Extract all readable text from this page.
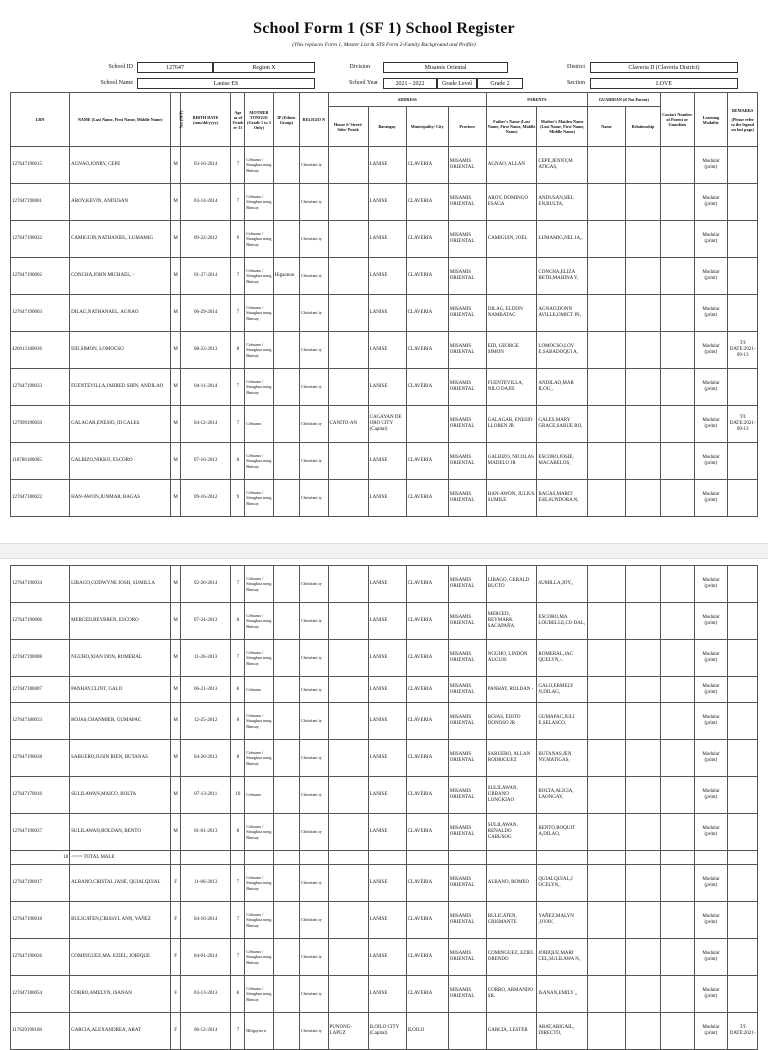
School Form 1 (SF 1) School Register
(This replaces Form 1, Master List & STS Form 2-Family Background and Profile)
School ID	127647	Region X	Division	Misamis Oriental	District	Claveria II (Claveria District)
School Name	Lanise ES	School Year	2021 - 2022	Grade Level	Grade 2	Section	LOVE
LRN	NAME (Last Name, First Name, Middle Name)	Sex (M/F)	BIRTH DATE (mm/dd/yyyy)	Age as of Octob er 31	MOTHER TONGUE (Grade 1 to 3 Only)	IP (Ethnic Group)	RELIGIO N	ADDRESS				PARENTS		GUARDIAN (if Not Parent)		Contact Number of Parent or Guardian	Learning Modality	REMARKS
(Please refer to the legend on last page)

								House #/ Street/ Sitio/ Purok	Barangay	Municipality/ City	Province	Father's Name (Last Name, First Name, Middle Name)	Mother's Maiden Name (Last Name, First Name, Middle Name)	Name	Relationship			
127647190015	AGNAO,JONRY, CEPE	M	03-16-2014	7	Cebuano / Sinugbua nong Binisay		Christiani ty		LANISE	CLAVERIA	MISAMIS ORIENTAL	AGNAO, ALLAN	CEPE,JENNY,M ATIGAS,				Modular (print)	
127647190001	AROY,KEVIN, ANDUSAN	M	03-14-2014	7	Cebuano / Sinugbua nong Binisay		Christiani ty		LANISE	CLAVERIA	MISAMIS ORIENTAL	AROY, DOMINGO ESAGA	ANDUSAN,HEL EN,BULTA,				Modular (print)	
127647190032	CAMIGUIN,NATHANIEL, LUMAMIG	M	09-22-2012	9	Cebuano / Sinugbua nong Binisay		Christiani ty		LANISE	CLAVERIA	MISAMIS ORIENTAL	CAMIGUIN, JOEL	LUMAMIG,NEL IA,,				Modular (print)	
127647190002	CONCHA,JOHN MICHAEL, -	M	01-27-2014	7	Cebuano / Sinugbua nong Binisay	Higaonon	Christiani ty		LANISE	CLAVERIA	MISAMIS ORIENTAL		CONCHA,ELIZA BETH,MAHINA Y,				Modular (print)	
127647190003	DILAG,NATHANAEL, AGNAO	M	06-29-2014	7	Cebuano / Sinugbua nong Binisay		Christiani ty		LANISE	CLAVERIA	MISAMIS ORIENTAL	DILAG, ELDON NAMBATAC	AGNAO,DONN AVILLE,OMICT IN,				Modular (print)	
426013180036	EID,SIMON, LOMOCSO	M	08-22-2013	8	Cebuano / Sinugbua nong Binisay		Christiani ty		LANISE	CLAVERIA	MISAMIS ORIENTAL	EID, GEORGE SIMON	LOMOCSO,LOV E,SABADOQUI A,				Modular (print)	T/I DATE:2021-09-13
127647190033	FUENTEVILLA,JARRED SHIN, ANDILAO	M	04-11-2014	7	Cebuano / Sinugbua nong Binisay		Christiani ty		LANISE	CLAVERIA	MISAMIS ORIENTAL	FUENTEVILLA, NILO DAJIS	ANDILAO,MAR ILOU,,				Modular (print)	
127999190050	GALAGAR,ENESIO, III GALES	M	04-12-2014	7	Cebuano		Christiani ty	CANITO-AN	CAGAYAN DE ORO CITY (Capital)		MISAMIS ORIENTAL	GALAGAR, ENESIO LLOREN JR	GALES,MARY GRACE,SABUE RO,				Modular (print)	T/I DATE:2021-09-13
118786180065	GALBIZO,NIKKO, ESCORO	M	07-16-2013	8	Cebuano / Sinugbua nong Binisay		Christiani ty		LANISE	CLAVERIA	MISAMIS ORIENTAL	GALBIZO, NICOLAS MADELO JR	ESCORO,JOSIE, MACABELOS,				Modular (print)	
127647180022	HAN-AWON,JUNMAR, BAGAS	M	09-16-2012	9	Cebuano / Sinugbua nong Binisay		Christiani ty		LANISE	CLAVERIA	MISAMIS ORIENTAL	HAN-AWON, JULIUS SUMILE	BAGAS,MARIT ESE,SUNDORA N,				Modular (print)	
127647190034	LIBAGO,GODWYNE JOSH, SUMILLA	M	02-20-2014	7	Cebuano / Sinugbua nong Binisay		Christiani ty		LANISE	CLAVERIA	MISAMIS ORIENTAL	LIBAGO, GERALD BUCTO	SUMILLA,JOY,,				Modular (print)	
127647190006	MERCED,REYBREN, ESCORO	M	07-24-2013	8	Cebuano / Sinugbua nong Binisay		Christiani ty		LANISE	CLAVERIA	MISAMIS ORIENTAL	MERCED, REYMARK SACAPAÑA	ESCORO,MA LOUBELLE,CO DAL,				Modular (print)	
127647190008	NGUHO,XIAN DON, ROMERAL	M	11-26-2013	7	Cebuano / Sinugbua nong Binisay		Christiani ty		LANISE	CLAVERIA	MISAMIS ORIENTAL	NGUHO, LINDON AUGUIS	ROMERAL,JAC QUELYN,-,				Modular (print)	
127647180007	PANHAY,CLINT, GALO	M	06-21-2013	8	Cebuano		Christiani ty		LANISE	CLAVERIA	MISAMIS ORIENTAL	PANHAY, ROLDAN -	GALO,ERMELY N,DILAG,				Modular (print)	
127647180033	ROJAS,CHANMIER, GUMAPAC	M	12-25-2012	8	Cebuano / Sinugbua nong Binisay		Christiani ty		LANISE	CLAVERIA	MISAMIS ORIENTAL	ROJAS, EDITO DONOSO JR	GUMAPAC,JULI E,SELASCO,				Modular (print)	
127647190038	SABUERO,JUSIN RIEN, BUTANAS	M	04-20-2013	8	Cebuano / Sinugbua nong Binisay		Christiani ty		LANISE	CLAVERIA	MISAMIS ORIENTAL	SABUERO, ALLAN RODRIGUEZ	BUTANAS,JEN NY,MATIGAS,				Modular (print)	
127647170016	SULILAWAN,MAICO, BOLTA	M	07-13-2011	10	Cebuano		Christiani ty		LANISE	CLAVERIA	MISAMIS ORIENTAL	SULILAWAN, URBANO LONGKIAO	BOLTA,ALICIA, LAONGAY,				Modular (print)	
127647190037	SULILAWAN,ROLDAN, BENTO	M	01-01-2013	8	Cebuano / Sinugbua nong Binisay		Christiani ty		LANISE	CLAVERIA	MISAMIS ORIENTAL	SULILAWAN, RENALDO CABUSOG	BENTO,ROQUIT A,DILAO,				Modular (print)	
18	<=== TOTAL MALE																	
127647190017	ALBANO,CRISTAL JANE, QUIALQUIAL	F	11-06-2013	7	Cebuano / Sinugbua nong Binisay		Christiani ty		LANISE	CLAVERIA	MISAMIS ORIENTAL	ALBANO, ROMEO	QUIALQUIAL,J OCELYN,,				Modular (print)	
127647190018	BULICATEN,CRISSYL ANN, YAÑEZ	F	04-16-2014	7	Cebuano / Sinugbua nong Binisay		Christiani ty		LANISE	CLAVERIA	MISAMIS ORIENTAL	BULICATEN, CRISMANTE	YAÑEZ,MALYN ,OYAV,				Modular (print)	
127647190026	COMINGUEZ,MA. EZIEL, JORIQUE	F	04-01-2014	7	Cebuano / Sinugbua nong Binisay		Christiani ty		LANISE	CLAVERIA	MISAMIS ORIENTAL	COMINGUEZ, EZIEL ORENDO	JORIQUE,MARI CEL,SULILAWA N,				Modular (print)	
127647180054	CORRO,AMELYN, ISANAN	F	03-13-2013	8	Cebuano / Sinugbua nong Binisay		Christiani ty		LANISE	CLAVERIA	MISAMIS ORIENTAL	CORRO, ARMANDO SR.	ISANAN,EMILY ,,				Modular (print)	
117629190168	GARCIA,ALEXANDREA, ARAT	F	06-12-2014	7	Hiligayno n		Christiani ty	PUNONG-LAPUZ	ILOILO CITY (Capital)	ILOILO		GARCIA, LESTER	ARAT,ABIGAIL, DIRECTO,				Modular (print)	T/I DATE:2021-
